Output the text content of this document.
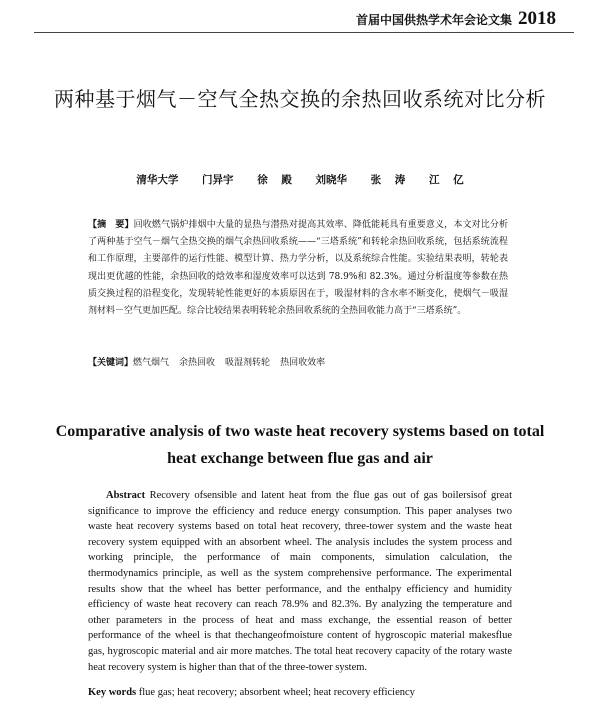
首届中国供热学术年会论文集 2018
两种基于烟气－空气全热交换的余热回收系统对比分析
清华大学 门异宇 徐 殿 刘晓华 张 涛 江 亿
【摘　要】回收燃气锅炉排烟中大量的显热与潜热对提高其效率、降低能耗具有重要意义，本文对比分析了两种基于空气－烟气全热交换的烟气余热回收系统——“三塔系统”和转轮余热回收系统，包括系统流程和工作原理，主要部件的运行性能、模型计算、热力学分析，以及系统综合性能。实验结果表明，转轮表现出更优越的性能，余热回收的焓效率和湿度效率可以达到 78.9%和 82.3%。通过分析温度等参数在热质交换过程的沿程变化，发现转轮性能更好的本质原因在于，吸湿材料的含水率不断变化，使烟气－吸湿剂材料－空气更加匹配。综合比较结果表明转轮余热回收系统的全热回收能力高于“三塔系统”。
【关键词】燃气烟气 余热回收 吸湿剂转轮 热回收效率
Comparative analysis of two waste heat recovery systems based on total heat exchange between flue gas and air
Abstract Recovery ofsensible and latent heat from the flue gas out of gas boilersisof great significance to improve the efficiency and reduce energy consumption. This paper analyses two waste heat recovery systems based on total heat recovery, three-tower system and the waste heat recovery system equipped with an absorbent wheel. The analysis includes the system process and working principle, the performance of main components, simulation calculation, the thermodynamics principle, as well as the system comprehensive performance. The experimental results show that the wheel has better performance, and the enthalpy efficiency and humidity efficiency of waste heat recovery can reach 78.9% and 82.3%. By analyzing the temperature and other parameters in the process of heat and mass exchange, the essential reason of better performance of the wheel is that thechangeofmoisture content of hygroscopic material makesflue gas, hygroscopic material and air more matches. The total heat recovery capacity of the rotary waste heat recovery system is higher than that of the three-tower system.
Key words flue gas; heat recovery; absorbent wheel; heat recovery efficiency
